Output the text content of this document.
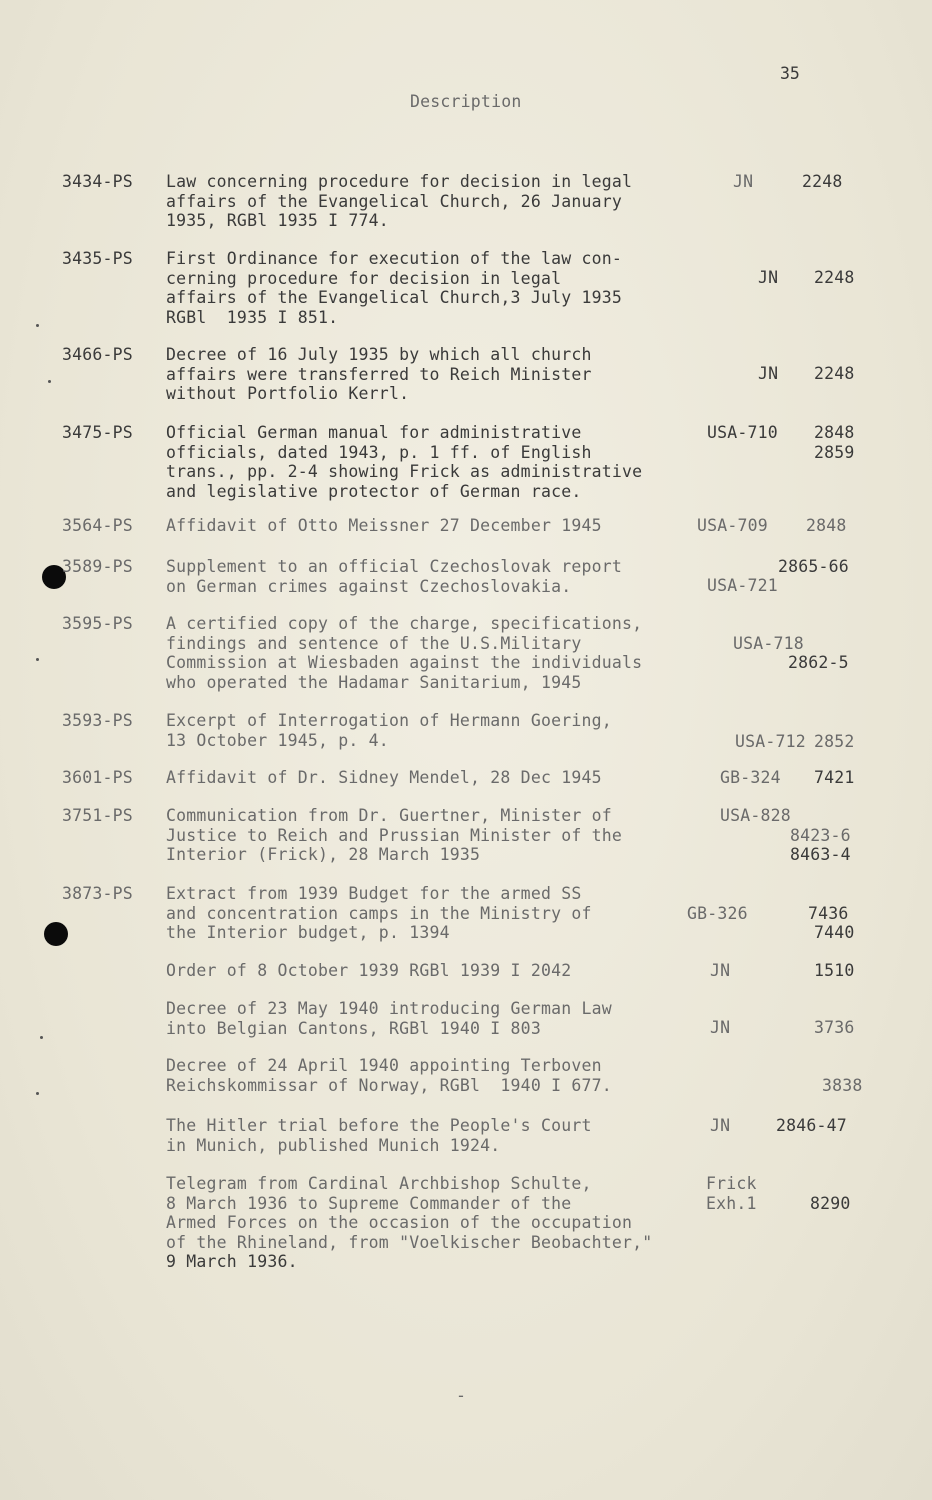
35
Description
3434-PS Law concerning procedure for decision in legal
affairs of the Evangelical Church, 26 January
1935, RGBl 1935 I 774.
JN	2248
3435-PS First Ordinance for execution of the law con-
cerning procedure for decision in legal
affairs of the Evangelical Church,3 July 1935
RGBl  1935 I 851.
JN 2248
3466-PS Decree of 16 July 1935 by which all church
affairs were transferred to Reich Minister
without Portfolio Kerrl.
JN 2248
3475-PS Official German manual for administrative
officials, dated 1943, p. 1 ff. of English
trans., pp. 2-4 showing Frick as administrative
and legislative protector of German race.
USA-710 2848
2859
3564-PS Affidavit of Otto Meissner 27 December 1945	USA-709 2848
3589-PS Supplement to an official Czechoslovak report
on German crimes against Czechoslovakia.	USA-721
2865-66
3595-PS A certified copy of the charge, specifications,
findings and sentence of the U.S.Military
Commission at Wiesbaden against the individuals
who operated the Hadamar Sanitarium, 1945
USA-718
2862-5
3593-PS Excerpt of Interrogation of Hermann Goering,
13 October 1945, p. 4.	USA-712 2852
3601-PS Affidavit of Dr. Sidney Mendel, 28 Dec 1945	GB-324 7421
3751-PS Communication from Dr. Guertner, Minister of
Justice to Reich and Prussian Minister of the
Interior (Frick), 28 March 1935
USA-828
8423-6
8463-4
3873-PS Extract from 1939 Budget for the armed SS
and concentration camps in the Ministry of
the Interior budget, p. 1394
GB-326	7436
7440
Order of 8 October 1939 RGBl 1939 I 2042	JN	1510
Decree of 23 May 1940 introducing German Law
into Belgian Cantons, RGBl 1940 I 803	JN	3736
Decree of 24 April 1940 appointing Terboven
Reichskommissar of Norway, RGBl  1940 I 677.	3838
The Hitler trial before the People's Court
in Munich, published Munich 1924.
JN	2846-47
Telegram from Cardinal Archbishop Schulte,
8 March 1936 to Supreme Commander of the
Armed Forces on the occasion of the occupation
of the Rhineland, from "Voelkischer Beobachter,"
9 March 1936.
Frick
Exh.1	8290
-
